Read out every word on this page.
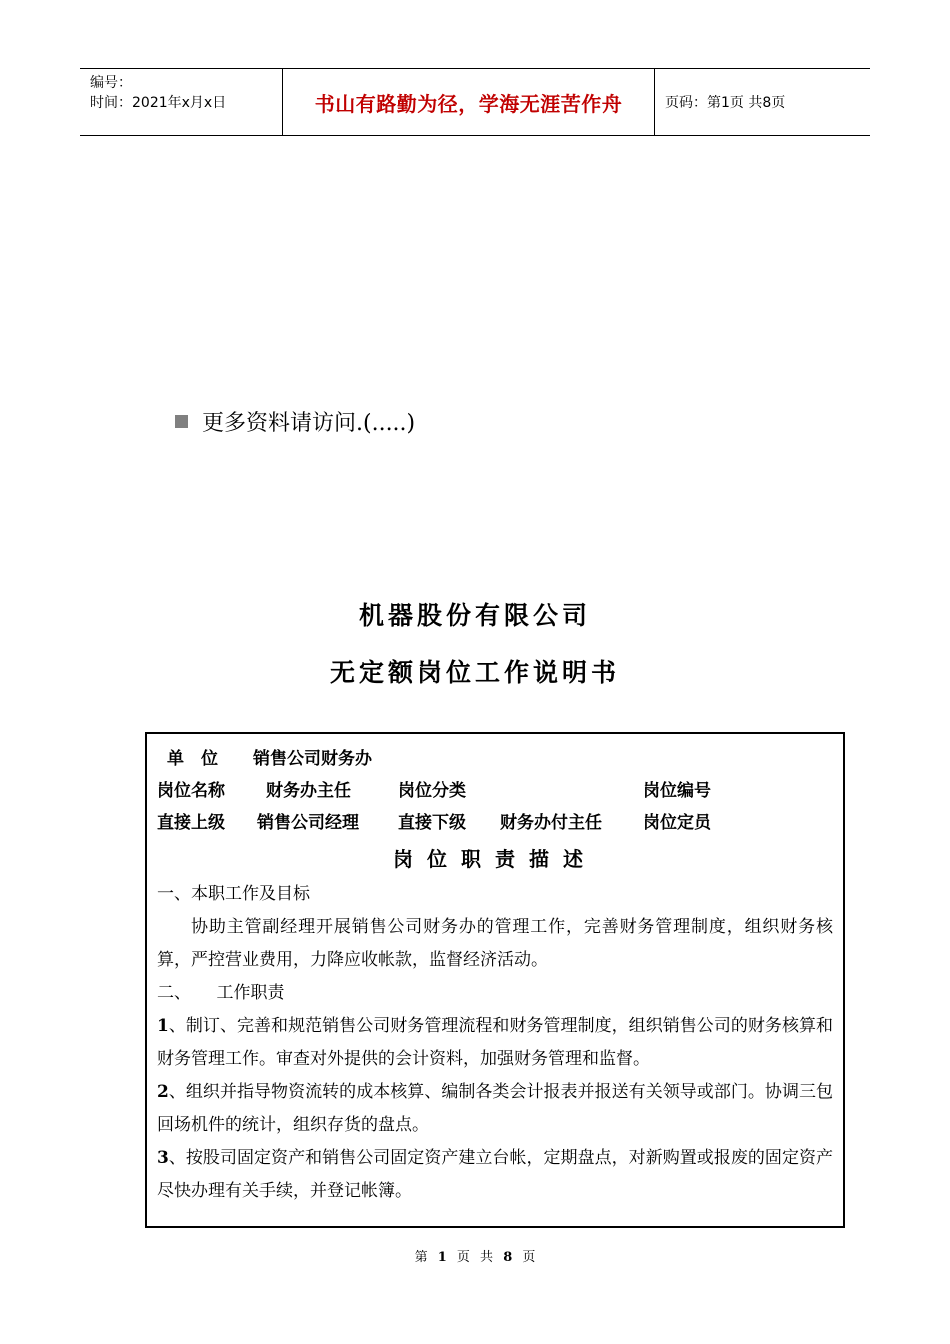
编号：
时间：2021年x月x日	书山有路勤为径，学海无涯苦作舟	页码：第1页 共8页
更多资料请访问.(.....)
机器股份有限公司
无定额岗位工作说明书
单　位 销售公司财务办
岗位名称 财务办主任	岗位分类	岗位编号
直接上级 销售公司经理 直接下级 财务办付主任 岗位定员
岗位职责描述
一、本职工作及目标
协助主管副经理开展销售公司财务办的管理工作，完善财务管理制度，组织财务核算，严控营业费用，力降应收帐款，监督经济活动。
二、　　工作职责
1、制订、完善和规范销售公司财务管理流程和财务管理制度，组织销售公司的财务核算和财务管理工作。审查对外提供的会计资料，加强财务管理和监督。
2、组织并指导物资流转的成本核算、编制各类会计报表并报送有关领导或部门。协调三包回场机件的统计，组织存货的盘点。
3、按股司固定资产和销售公司固定资产建立台帐，定期盘点，对新购置或报废的固定资产尽快办理有关手续，并登记帐簿。
第 1 页 共 8 页
